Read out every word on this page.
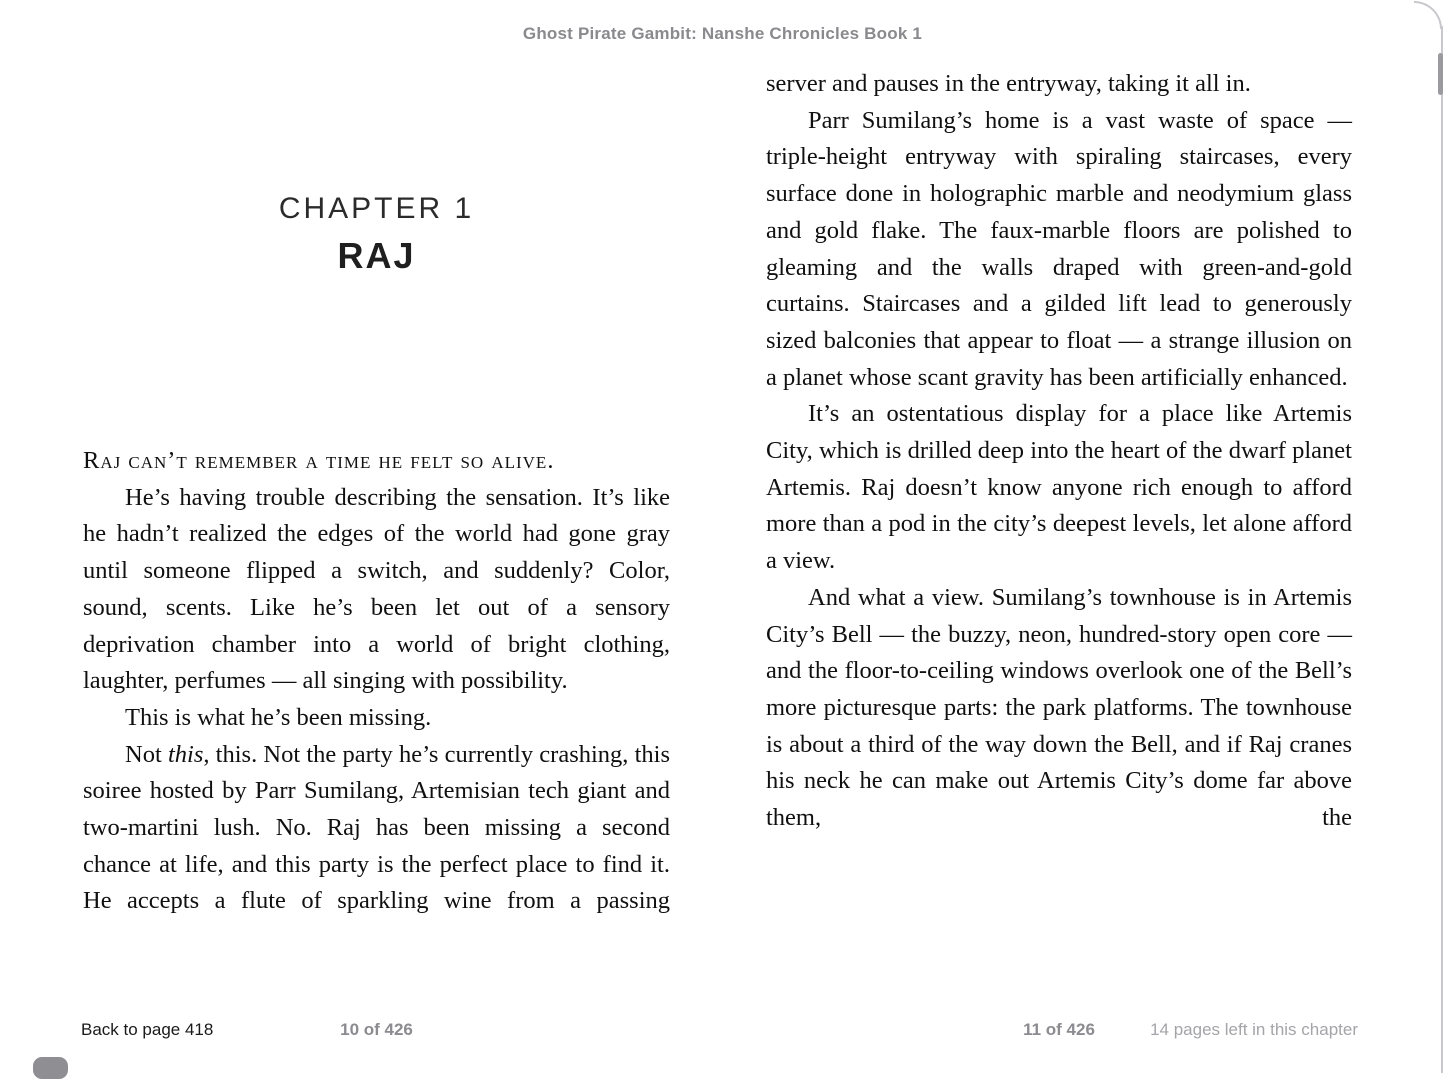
Ghost Pirate Gambit: Nanshe Chronicles Book 1
CHAPTER 1
RAJ

Raj can’t remember a time he felt so alive.

He’s having trouble describing the sensation. It’s like he hadn’t realized the edges of the world had gone gray until someone flipped a switch, and suddenly? Color, sound, scents. Like he’s been let out of a sensory deprivation chamber into a world of bright clothing, laughter, perfumes — all singing with possibility.

This is what he’s been missing.

Not this, this. Not the party he’s currently crashing, this soiree hosted by Parr Sumilang, Artemisian tech giant and two-martini lush. No. Raj has been missing a second chance at life, and this party is the perfect place to find it. He accepts a flute of sparkling wine from a passing

server and pauses in the entryway, taking it all in.

Parr Sumilang’s home is a vast waste of space — triple-height entryway with spiraling staircases, every surface done in holographic marble and neodymium glass and gold flake. The faux-marble floors are polished to gleaming and the walls draped with green-and-gold curtains. Staircases and a gilded lift lead to generously sized balconies that appear to float — a strange illusion on a planet whose scant gravity has been artificially enhanced.

It’s an ostentatious display for a place like Artemis City, which is drilled deep into the heart of the dwarf planet Artemis. Raj doesn’t know anyone rich enough to afford more than a pod in the city’s deepest levels, let alone afford a view.

And what a view. Sumilang’s townhouse is in Artemis City’s Bell — the buzzy, neon, hundred-story open core — and the floor-to-ceiling windows overlook one of the Bell’s more picturesque parts: the park platforms. The townhouse is about a third of the way down the Bell, and if Raj cranes his neck he can make out Artemis City’s dome far above them, the

Back to page 418	10 of 426	11 of 426	14 pages left in this chapter
